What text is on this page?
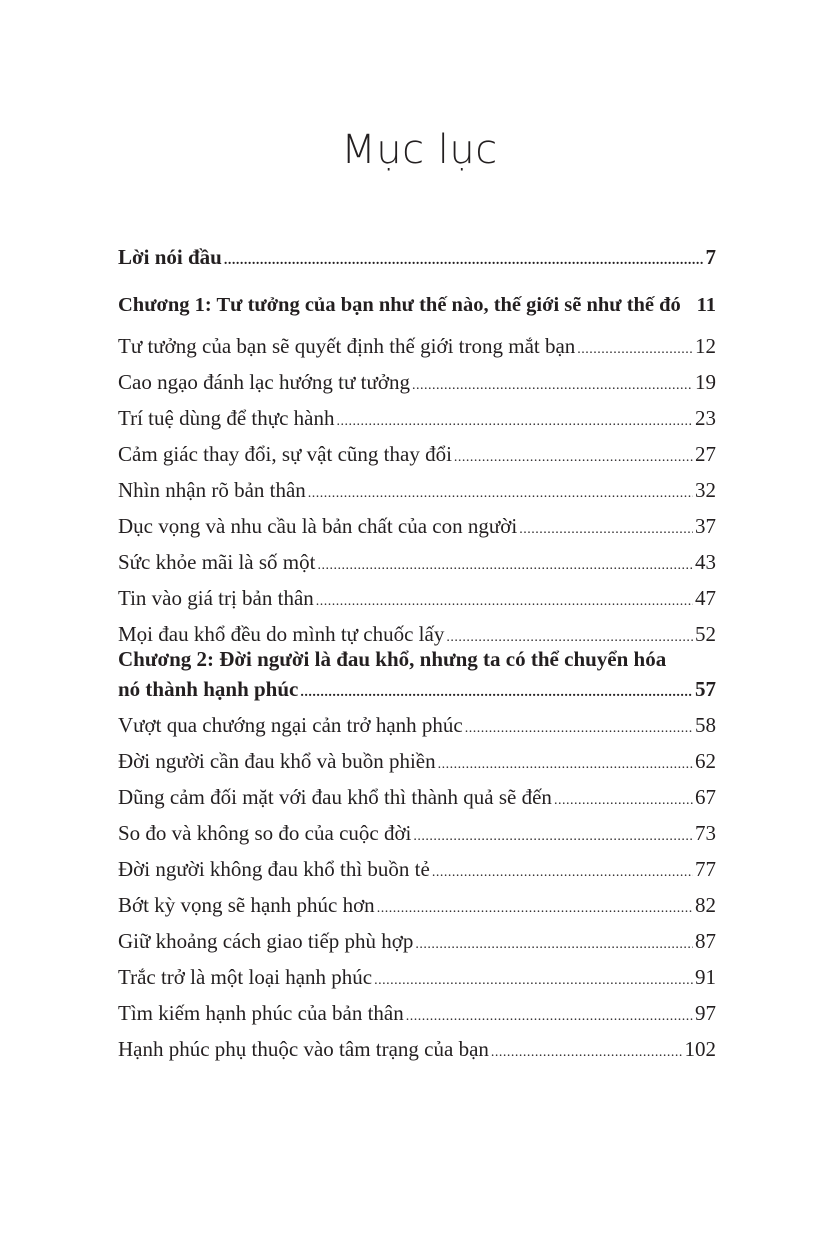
Mục lục
Lời nói đầu .....	7
Chương 1: Tư tưởng của bạn như thế nào, thế giới sẽ như thế đó 11
Tư tưởng của bạn sẽ quyết định thế giới trong mắt bạn .....	12
Cao ngạo đánh lạc hướng tư tưởng .....	19
Trí tuệ dùng để thực hành .....	23
Cảm giác thay đổi, sự vật cũng thay đổi .....	27
Nhìn nhận rõ bản thân .....	32
Dục vọng và nhu cầu là bản chất của con người .....	37
Sức khỏe mãi là số một .....	43
Tin vào giá trị bản thân .....	47
Mọi đau khổ đều do mình tự chuốc lấy .....	52
Chương 2: Đời người là đau khổ, nhưng ta có thể chuyển hóa
nó thành hạnh phúc .....	57
Vượt qua chướng ngại cản trở hạnh phúc .....	58
Đời người cần đau khổ và buồn phiền .....	62
Dũng cảm đối mặt với đau khổ thì thành quả sẽ đến .....	67
So đo và không so đo của cuộc đời .....	73
Đời người không đau khổ thì buồn tẻ .....	77
Bớt kỳ vọng sẽ hạnh phúc hơn .....	82
Giữ khoảng cách giao tiếp phù hợp .....	87
Trắc trở là một loại hạnh phúc .....	91
Tìm kiếm hạnh phúc của bản thân .....	97
Hạnh phúc phụ thuộc vào tâm trạng của bạn .....	102
